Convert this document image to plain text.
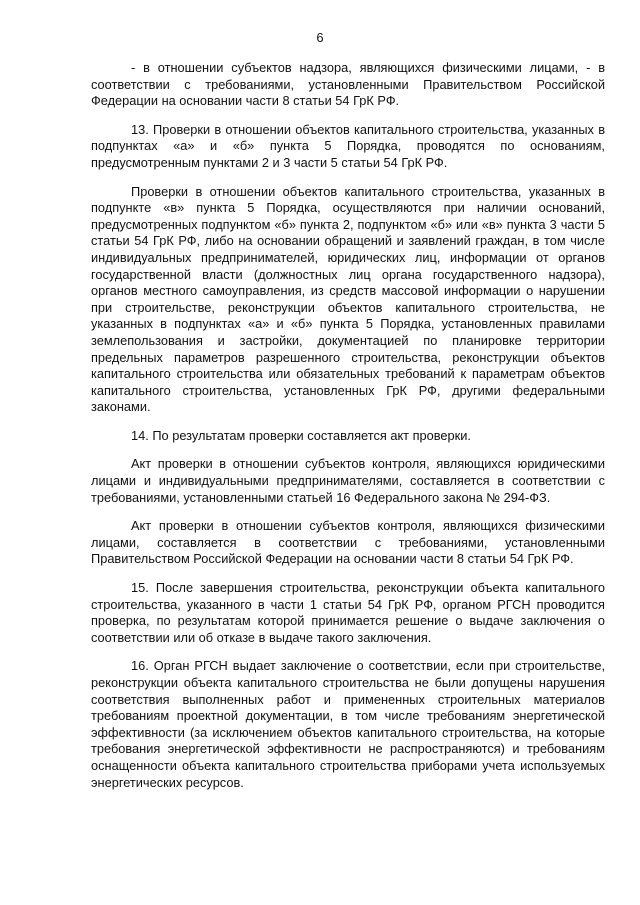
6

- в отношении субъектов надзора, являющихся физическими лицами, - в соответствии с требованиями, установленными Правительством Российской Федерации на основании части 8 статьи 54 ГрК РФ.

13. Проверки в отношении объектов капитального строительства, указанных в подпунктах «а» и «б» пункта 5 Порядка, проводятся по основаниям, предусмотренным пунктами 2 и 3 части 5 статьи 54 ГрК РФ.

Проверки в отношении объектов капитального строительства, указанных в подпункте «в» пункта 5 Порядка, осуществляются при наличии оснований, предусмотренных подпунктом «б» пункта 2, подпунктом «б» или «в» пункта 3 части 5 статьи 54 ГрК РФ, либо на основании обращений и заявлений граждан, в том числе индивидуальных предпринимателей, юридических лиц, информации от органов государственной власти (должностных лиц органа государственного надзора), органов местного самоуправления, из средств массовой информации о нарушении при строительстве, реконструкции объектов капитального строительства, не указанных в подпунктах «а» и «б» пункта 5 Порядка, установленных правилами землепользования и застройки, документацией по планировке территории предельных параметров разрешенного строительства, реконструкции объектов капитального строительства или обязательных требований к параметрам объектов капитального строительства, установленных ГрК РФ, другими федеральными законами.

14. По результатам проверки составляется акт проверки.

Акт проверки в отношении субъектов контроля, являющихся юридическими лицами и индивидуальными предпринимателями, составляется в соответствии с требованиями, установленными статьей 16 Федерального закона № 294-ФЗ.

Акт проверки в отношении субъектов контроля, являющихся физическими лицами, составляется в соответствии с требованиями, установленными Правительством Российской Федерации на основании части 8 статьи 54 ГрК РФ.

15. После завершения строительства, реконструкции объекта капитального строительства, указанного в части 1 статьи 54 ГрК РФ, органом РГСН проводится проверка, по результатам которой принимается решение о выдаче заключения о соответствии или об отказе в выдаче такого заключения.

16. Орган РГСН выдает заключение о соответствии, если при строительстве, реконструкции объекта капитального строительства не были допущены нарушения соответствия выполненных работ и примененных строительных материалов требованиям проектной документации, в том числе требованиям энергетической эффективности (за исключением объектов капитального строительства, на которые требования энергетической эффективности не распространяются) и требованиям оснащенности объекта капитального строительства приборами учета используемых энергетических ресурсов.
